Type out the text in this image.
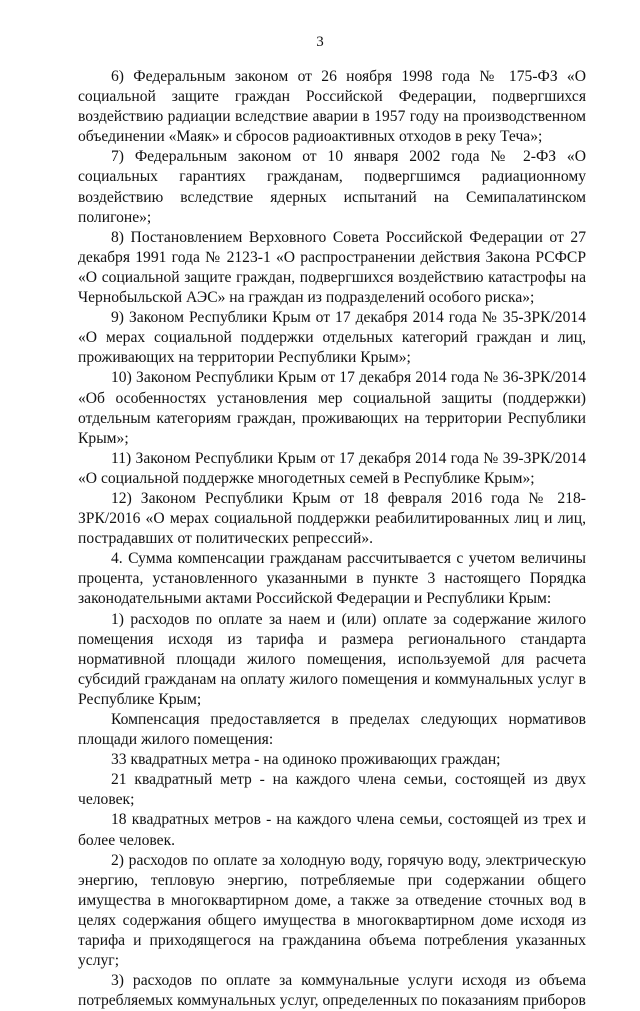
3

6) Федеральным законом от 26 ноября 1998 года № 175-ФЗ «О социальной защите граждан Российской Федерации, подвергшихся воздействию радиации вследствие аварии в 1957 году на производственном объединении «Маяк» и сбросов радиоактивных отходов в реку Теча»;

7) Федеральным законом от 10 января 2002 года № 2-ФЗ «О социальных гарантиях гражданам, подвергшимся радиационному воздействию вследствие ядерных испытаний на Семипалатинском полигоне»;

8) Постановлением Верховного Совета Российской Федерации от 27 декабря 1991 года № 2123-1 «О распространении действия Закона РСФСР «О социальной защите граждан, подвергшихся воздействию катастрофы на Чернобыльской АЭС» на граждан из подразделений особого риска»;

9) Законом Республики Крым от 17 декабря 2014 года № 35-ЗРК/2014 «О мерах социальной поддержки отдельных категорий граждан и лиц, проживающих на территории Республики Крым»;

10) Законом Республики Крым от 17 декабря 2014 года № 36-ЗРК/2014 «Об особенностях установления мер социальной защиты (поддержки) отдельным категориям граждан, проживающих на территории Республики Крым»;

11) Законом Республики Крым от 17 декабря 2014 года № 39-ЗРК/2014 «О социальной поддержке многодетных семей в Республике Крым»;

12) Законом Республики Крым от 18 февраля 2016 года № 218-ЗРК/2016 «О мерах социальной поддержки реабилитированных лиц и лиц, пострадавших от политических репрессий».

4. Сумма компенсации гражданам рассчитывается с учетом величины процента, установленного указанными в пункте 3 настоящего Порядка законодательными актами Российской Федерации и Республики Крым:

1) расходов по оплате за наем и (или) оплате за содержание жилого помещения исходя из тарифа и размера регионального стандарта нормативной площади жилого помещения, используемой для расчета субсидий гражданам на оплату жилого помещения и коммунальных услуг в Республике Крым;

Компенсация предоставляется в пределах следующих нормативов площади жилого помещения:

33 квадратных метра - на одиноко проживающих граждан;

21 квадратный метр - на каждого члена семьи, состоящей из двух человек;

18 квадратных метров - на каждого члена семьи, состоящей из трех и более человек.

2) расходов по оплате за холодную воду, горячую воду, электрическую энергию, тепловую энергию, потребляемые при содержании общего имущества в многоквартирном доме, а также за отведение сточных вод в целях содержания общего имущества в многоквартирном доме исходя из тарифа и приходящегося на гражданина объема потребления указанных услуг;

3) расходов по оплате за коммунальные услуги исходя из объема потребляемых коммунальных услуг, определенных по показаниям приборов
